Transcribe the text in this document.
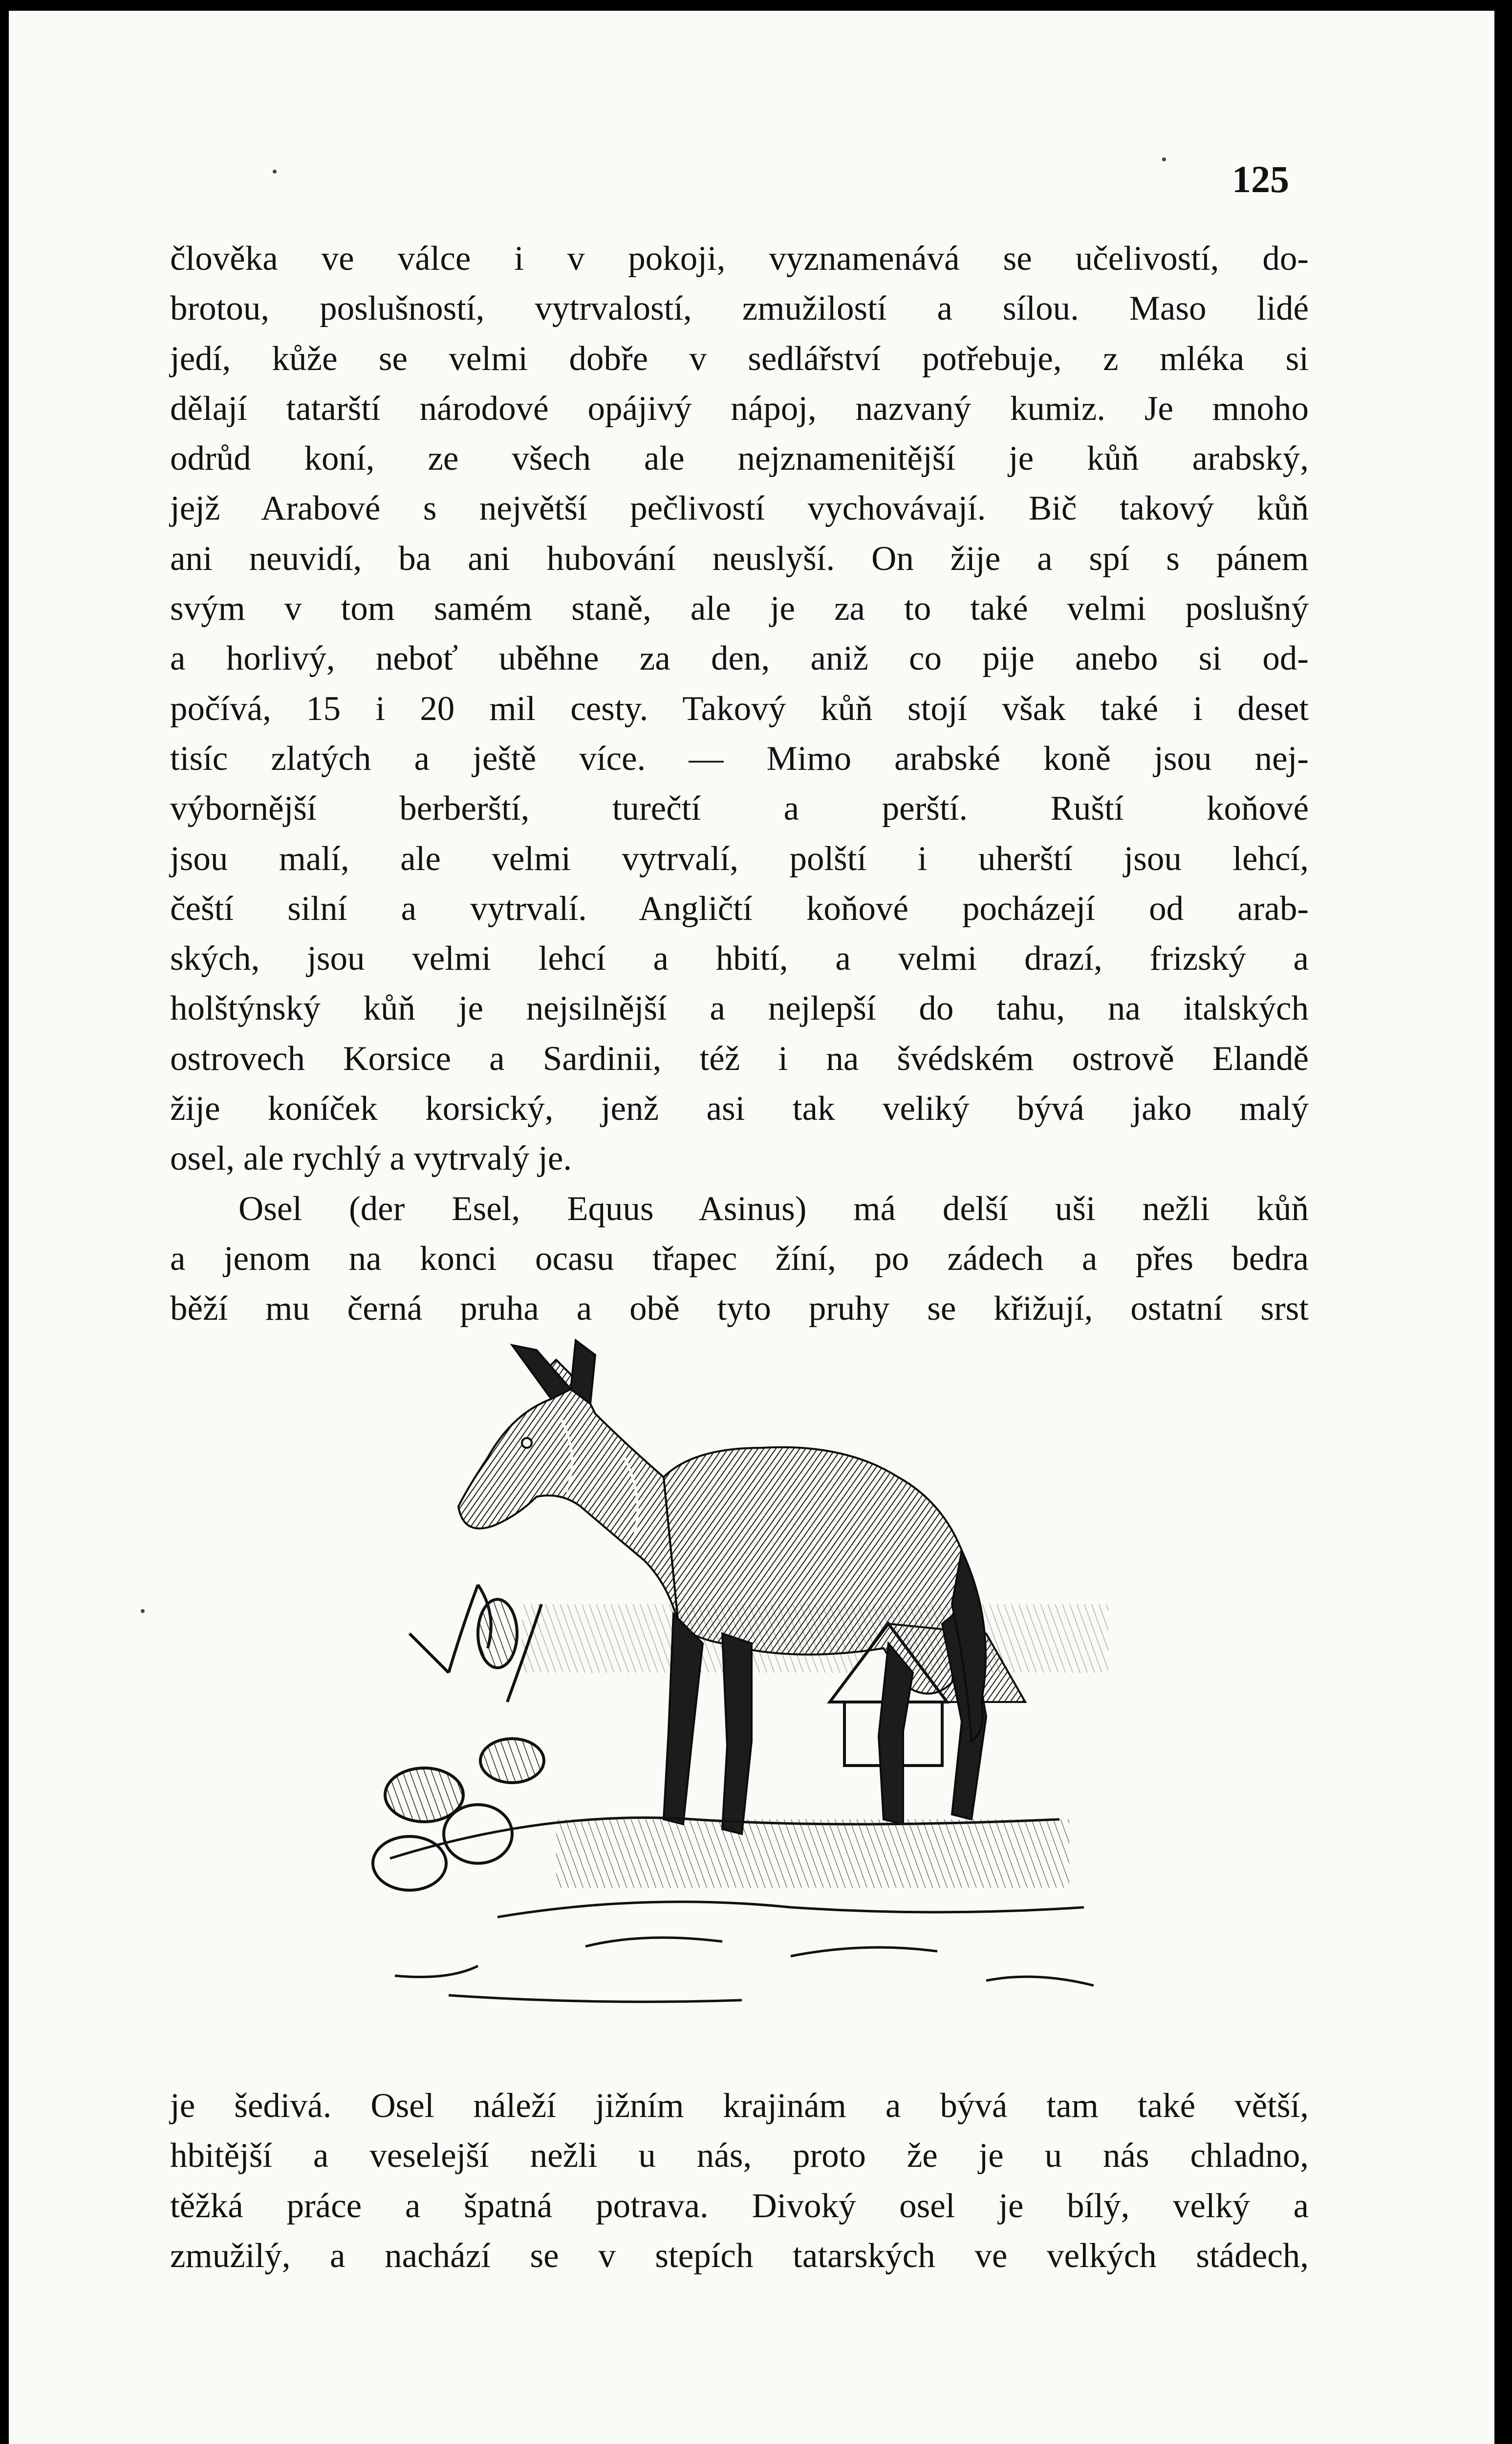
125
člověka ve válce i v pokoji, vyznamenává se učelivostí, do-
brotou, poslušností, vytrvalostí, zmužilostí a sílou. Maso lidé
jedí, kůže se velmi dobře v sedlářství potřebuje, z mléka si
dělají tatarští národové opájivý nápoj, nazvaný kumiz. Je mnoho
odrůd koní, ze všech ale nejznamenitější je kůň arabský,
jejž Arabové s největší pečlivostí vychovávají. Bič takový kůň
ani neuvidí, ba ani hubování neuslyší. On žije a spí s pánem
svým v tom samém staně, ale je za to také velmi poslušný
a horlivý, neboť uběhne za den, aniž co pije anebo si od-
počívá, 15 i 20 mil cesty. Takový kůň stojí však také i deset
tisíc zlatých a ještě více. — Mimo arabské koně jsou nej-
výbornější berberští, turečtí a perští. Ruští koňové
jsou malí, ale velmi vytrvalí, polští i uherští jsou lehcí,
čeští silní a vytrvalí. Angličtí koňové pocházejí od arab-
ských, jsou velmi lehcí a hbití, a velmi drazí, frizský a
holštýnský kůň je nejsilnější a nejlepší do tahu, na italských
ostrovech Korsice a Sardinii, též i na švédském ostrově Elandě
žije koníček korsický, jenž asi tak veliký bývá jako malý
osel, ale rychlý a vytrvalý je.
Osel (der Esel, Equus Asinus) má delší uši nežli kůň
a jenom na konci ocasu třapec žíní, po zádech a přes bedra
běží mu černá pruha a obě tyto pruhy se křižují, ostatní srst
je šedivá. Osel náleží jižním krajinám a bývá tam také větší,
hbitější a veselejší nežli u nás, proto že je u nás chladno,
těžká práce a špatná potrava. Divoký osel je bílý, velký a
zmužilý, a nachází se v stepích tatarských ve velkých stádech,
